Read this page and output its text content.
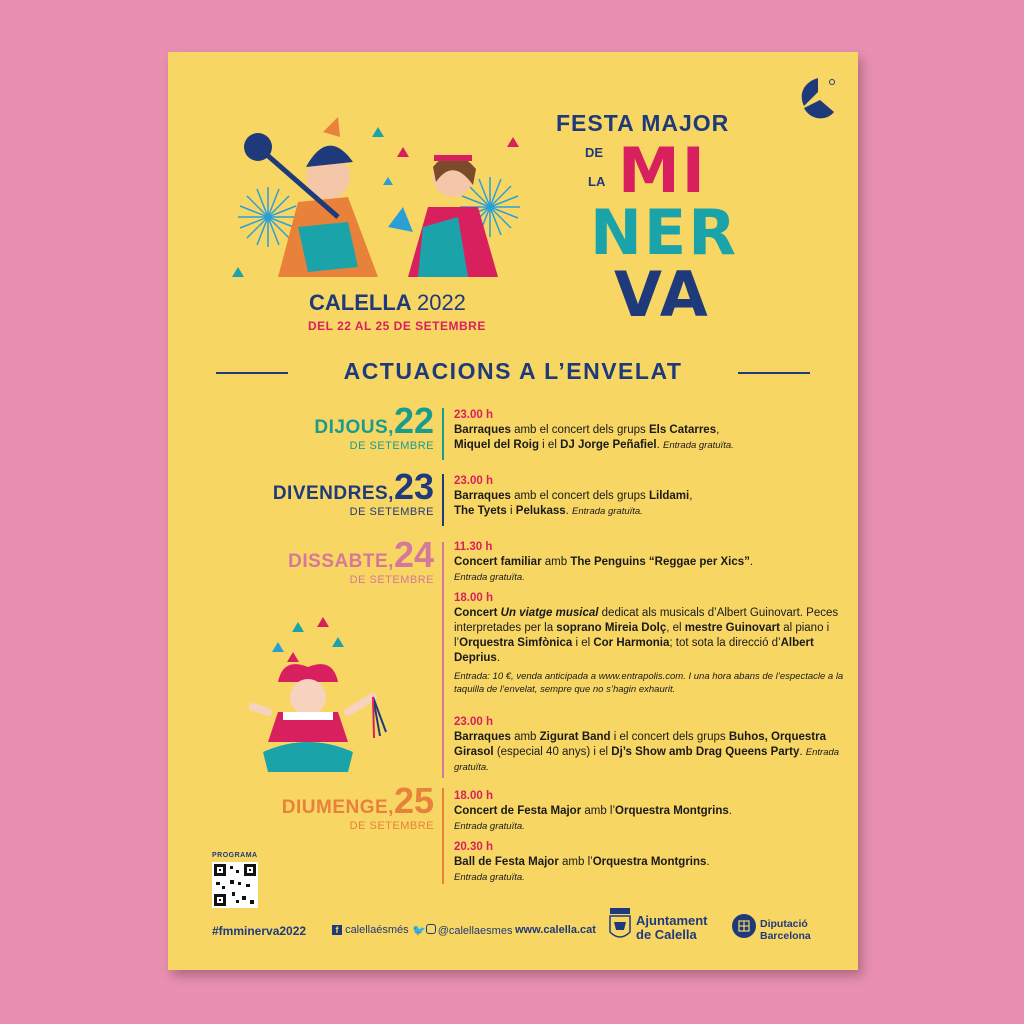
FESTA MAJOR
DE
LA MI
NER
VA
CALELLA 2022
DEL 22 AL 25 DE SETEMBRE
ACTUACIONS A L’ENVELAT
DIJOUS,22
DE SETEMBRE
23.00 h
Barraques amb el concert dels grups Els Catarres,
Miquel del Roig i el DJ Jorge Peñafiel. Entrada gratuïta.
DIVENDRES,23
DE SETEMBRE
23.00 h
Barraques amb el concert dels grups Lildami,
The Tyets i Pelukass. Entrada gratuïta.
DISSABTE,24
DE SETEMBRE
11.30 h
Concert familiar amb The Penguins “Reggae per Xics”.
Entrada gratuïta.
18.00 h
Concert Un viatge musical dedicat als musicals d’Albert Guinovart. Peces interpretades per la soprano Mireia Dolç, el mestre Guinovart al piano i l’Orquestra Simfònica i el Cor Harmonia; tot sota la direcció d’Albert Deprius.
Entrada: 10 €, venda anticipada a www.entrapolis.com. I una hora abans de l’espectacle a la taquilla de l’envelat, sempre que no s’hagin exhaurit.
23.00 h
Barraques amb Zigurat Band i el concert dels grups Buhos, Orquestra Girasol (especial 40 anys) i el Dj’s Show amb Drag Queens Party. Entrada gratuïta.
DIUMENGE,25
DE SETEMBRE
18.00 h
Concert de Festa Major amb l’Orquestra Montgrins.
Entrada gratuïta.
20.30 h
Ball de Festa Major amb l’Orquestra Montgrins.
Entrada gratuïta.
PROGRAMA
#fmminerva2022	f calellaésmés 🐦 @calellaesmes www.calella.cat
Ajuntament
de Calella
Diputació
Barcelona
